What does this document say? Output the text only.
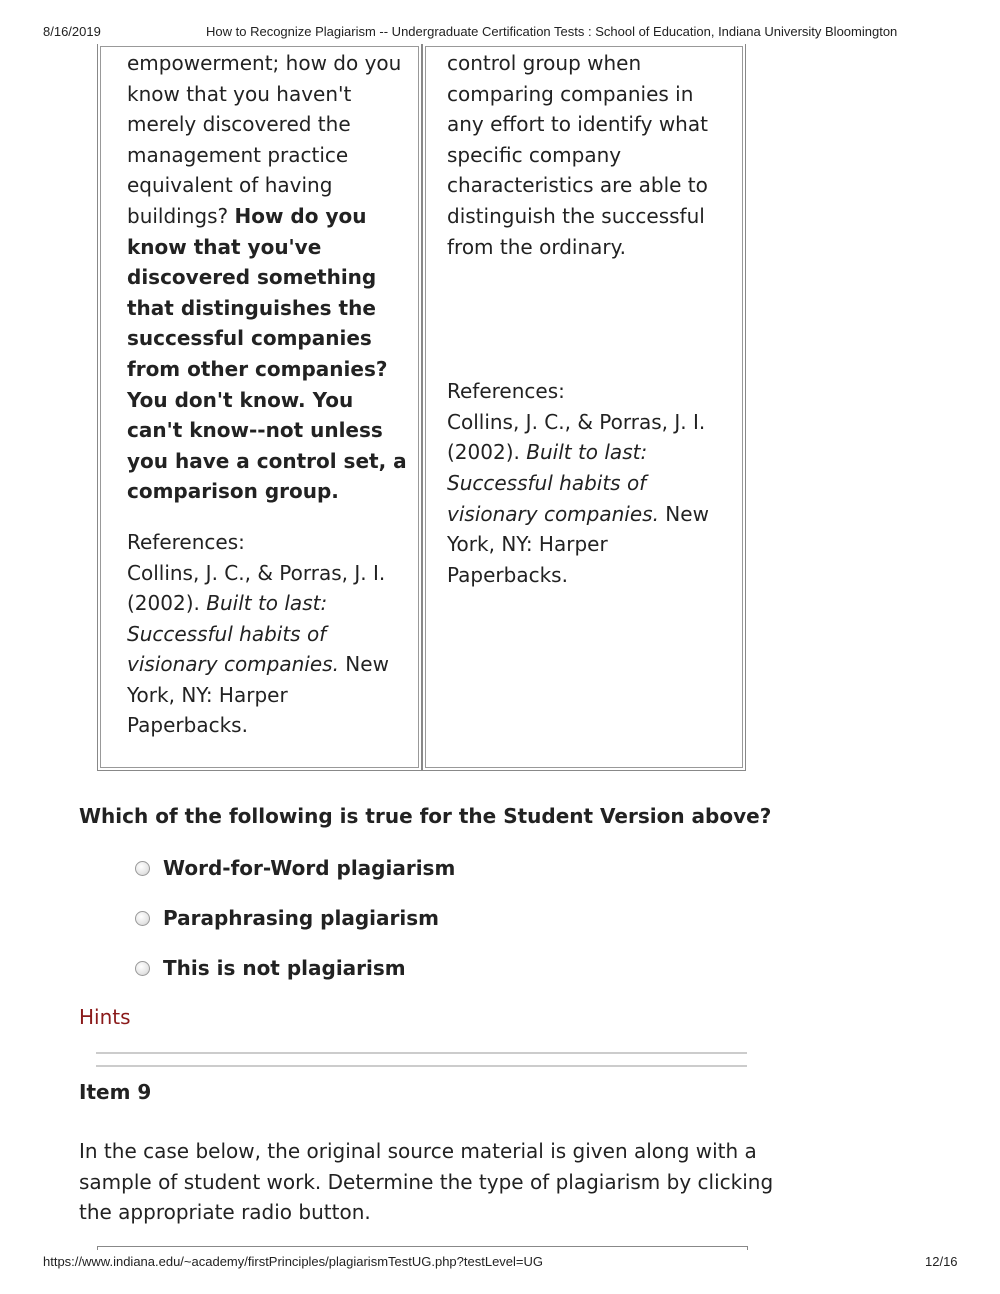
8/16/2019	How to Recognize Plagiarism -- Undergraduate Certification Tests : School of Education, Indiana University Bloomington
empowerment; how do you know that you haven't merely discovered the management practice equivalent of having buildings? How do you know that you've discovered something that distinguishes the successful companies from other companies? You don't know. You can't know--not unless you have a control set, a comparison group.
References:
Collins, J. C., & Porras, J. I. (2002). Built to last: Successful habits of visionary companies. New York, NY: Harper Paperbacks.
control group when comparing companies in any effort to identify what specific company characteristics are able to distinguish the successful from the ordinary.
References:
Collins, J. C., & Porras, J. I. (2002). Built to last: Successful habits of visionary companies. New York, NY: Harper Paperbacks.
Which of the following is true for the Student Version above?
Word-for-Word plagiarism
Paraphrasing plagiarism
This is not plagiarism
Hints
Item 9
In the case below, the original source material is given along with a sample of student work. Determine the type of plagiarism by clicking the appropriate radio button.
https://www.indiana.edu/~academy/firstPrinciples/plagiarismTestUG.php?testLevel=UG	12/16
